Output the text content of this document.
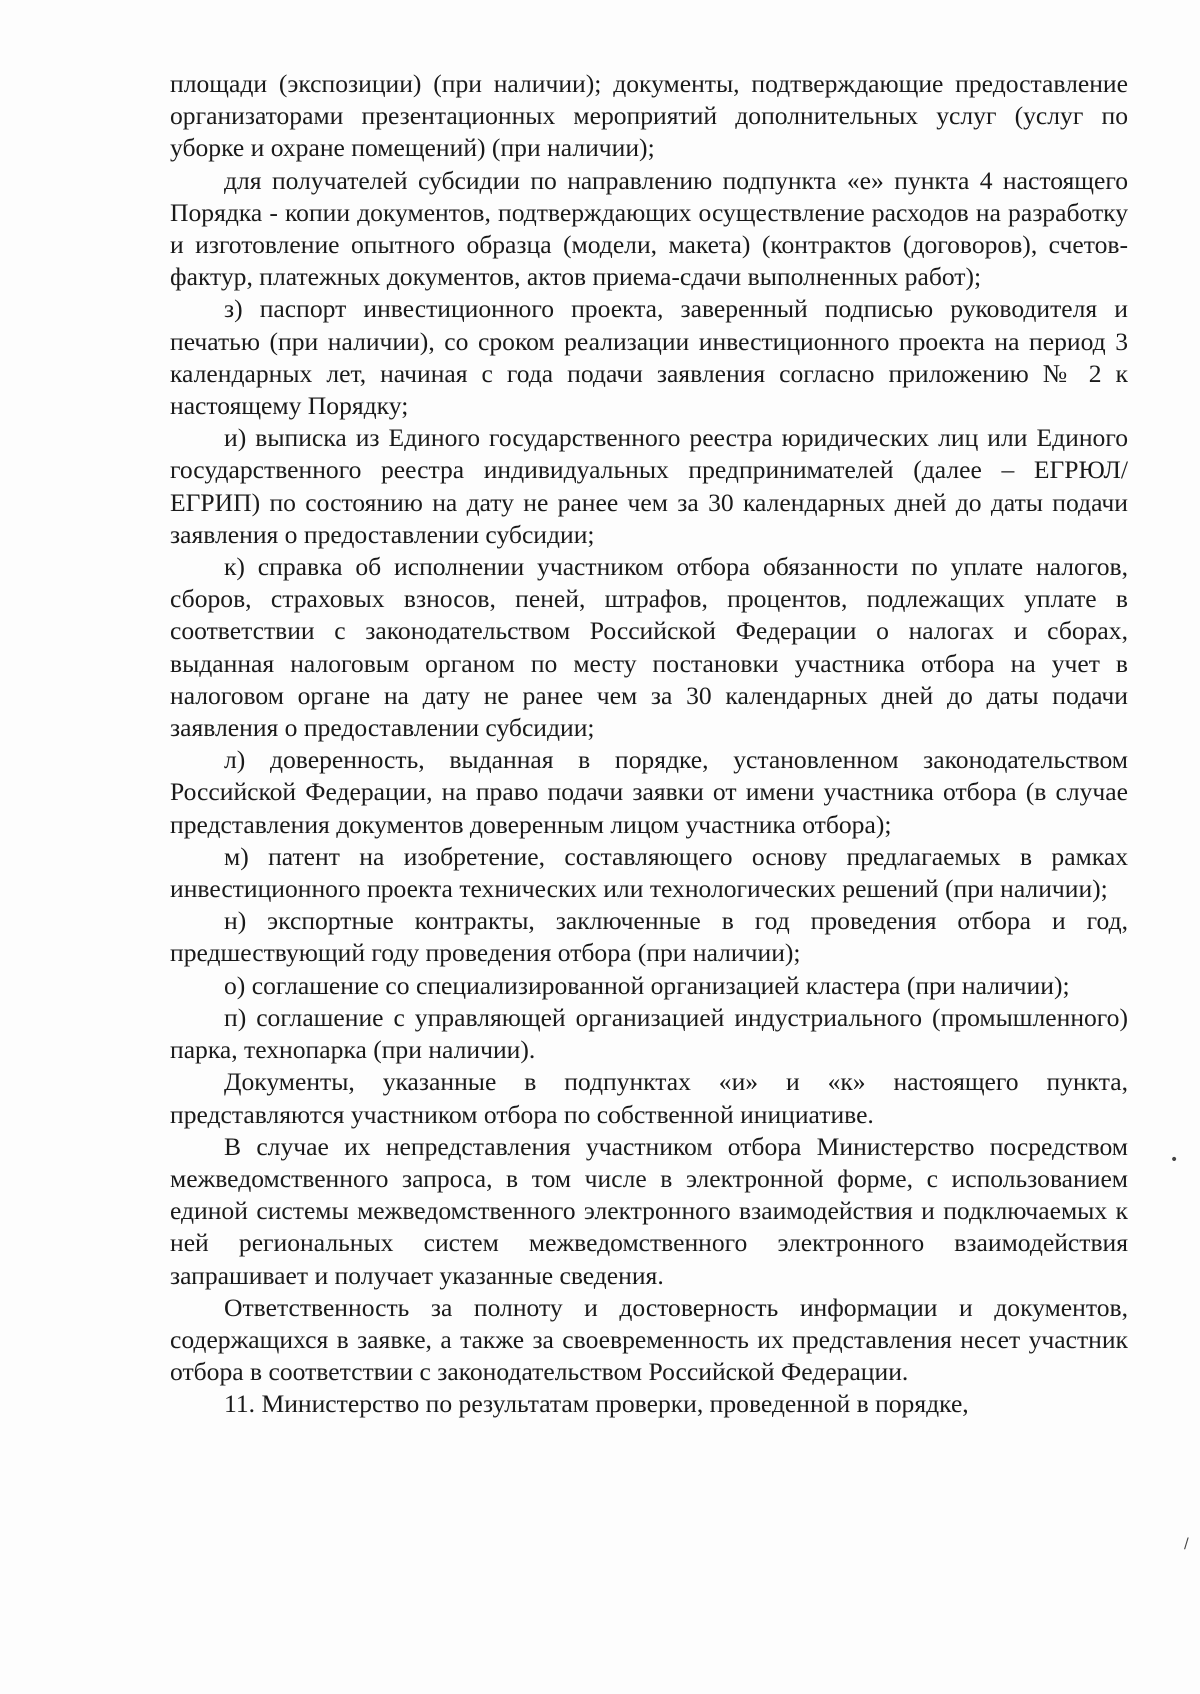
площади (экспозиции) (при наличии); документы, подтверждающие предоставление организаторами презентационных мероприятий дополнительных услуг (услуг по уборке и охране помещений) (при наличии);

для получателей субсидии по направлению подпункта «е» пункта 4 настоящего Порядка - копии документов, подтверждающих осуществление расходов на разработку и изготовление опытного образца (модели, макета) (контрактов (договоров), счетов-фактур, платежных документов, актов приема-сдачи выполненных работ);

з) паспорт инвестиционного проекта, заверенный подписью руководителя и печатью (при наличии), со сроком реализации инвестиционного проекта на период 3 календарных лет, начиная с года подачи заявления согласно приложению № 2 к настоящему Порядку;

и) выписка из Единого государственного реестра юридических лиц или Единого государственного реестра индивидуальных предпринимателей (далее – ЕГРЮЛ/ЕГРИП) по состоянию на дату не ранее чем за 30 календарных дней до даты подачи заявления о предоставлении субсидии;

к) справка об исполнении участником отбора обязанности по уплате налогов, сборов, страховых взносов, пеней, штрафов, процентов, подлежащих уплате в соответствии с законодательством Российской Федерации о налогах и сборах, выданная налоговым органом по месту постановки участника отбора на учет в налоговом органе на дату не ранее чем за 30 календарных дней до даты подачи заявления о предоставлении субсидии;

л) доверенность, выданная в порядке, установленном законодательством Российской Федерации, на право подачи заявки от имени участника отбора (в случае представления документов доверенным лицом участника отбора);

м) патент на изобретение, составляющего основу предлагаемых в рамках инвестиционного проекта технических или технологических решений (при наличии);

н) экспортные контракты, заключенные в год проведения отбора и год, предшествующий году проведения отбора (при наличии);

о) соглашение со специализированной организацией кластера (при наличии);

п) соглашение с управляющей организацией индустриального (промышленного) парка, технопарка (при наличии).

Документы, указанные в подпунктах «и» и «к» настоящего пункта, представляются участником отбора по собственной инициативе.

В случае их непредставления участником отбора Министерство посредством межведомственного запроса, в том числе в электронной форме, с использованием единой системы межведомственного электронного взаимодействия и подключаемых к ней региональных систем межведомственного электронного взаимодействия запрашивает и получает указанные сведения.

Ответственность за полноту и достоверность информации и документов, содержащихся в заявке, а также за своевременность их представления несет участник отбора в соответствии с законодательством Российской Федерации.

11. Министерство по результатам проверки, проведенной в порядке,

•
/
